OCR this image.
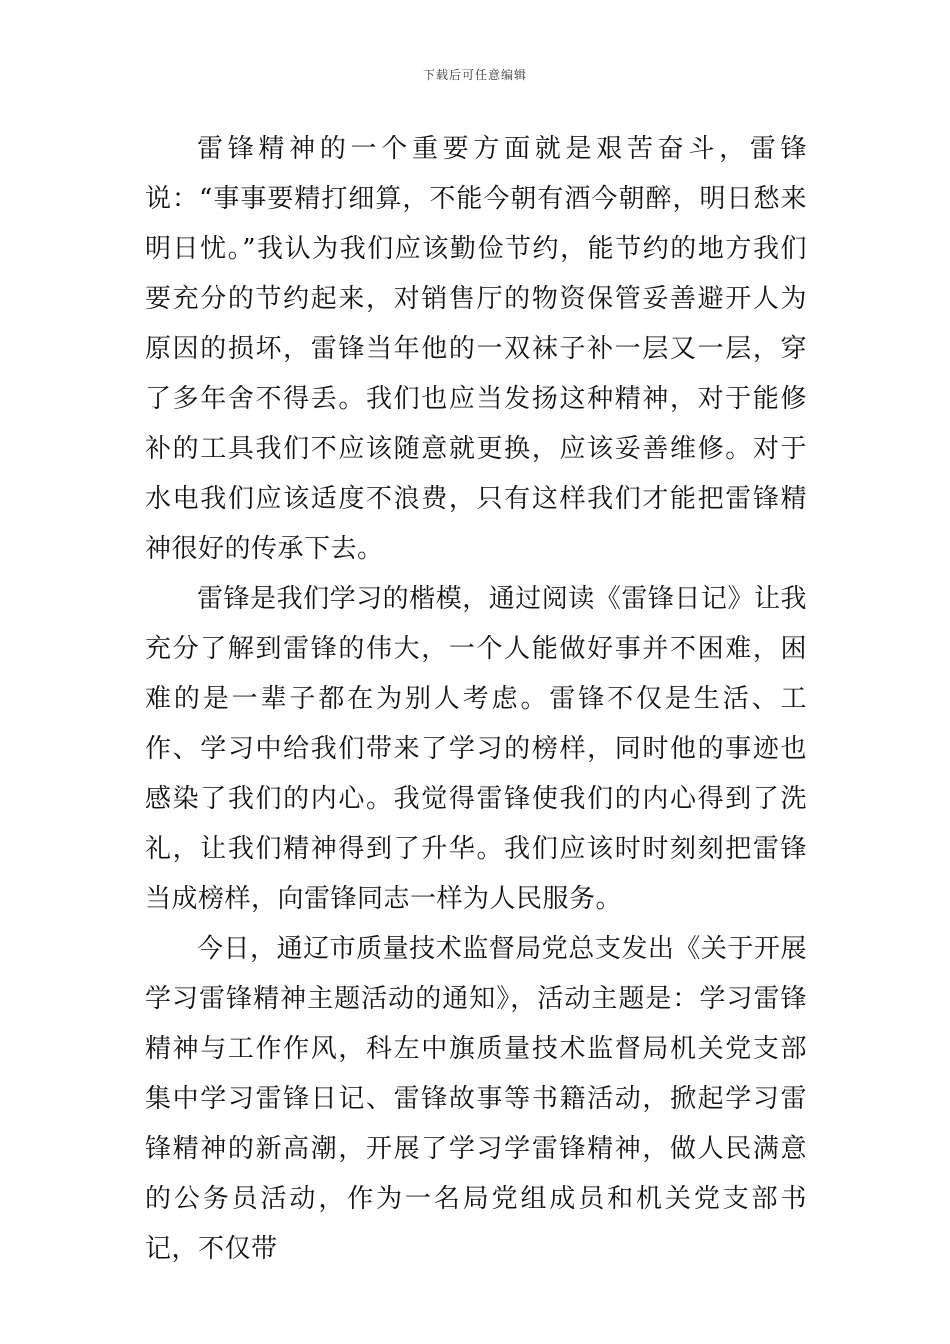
下载后可任意编辑

雷锋精神的一个重要方面就是艰苦奋斗，雷锋说：“事事要精打细算，不能今朝有酒今朝醉，明日愁来明日忧。”我认为我们应该勤俭节约，能节约的地方我们要充分的节约起来，对销售厅的物资保管妥善避开人为原因的损坏，雷锋当年他的一双袜子补一层又一层，穿了多年舍不得丢。我们也应当发扬这种精神，对于能修补的工具我们不应该随意就更换，应该妥善维修。对于水电我们应该适度不浪费，只有这样我们才能把雷锋精神很好的传承下去。

雷锋是我们学习的楷模，通过阅读《雷锋日记》让我充分了解到雷锋的伟大，一个人能做好事并不困难，困难的是一辈子都在为别人考虑。雷锋不仅是生活、工作、学习中给我们带来了学习的榜样，同时他的事迹也感染了我们的内心。我觉得雷锋使我们的内心得到了洗礼，让我们精神得到了升华。我们应该时时刻刻把雷锋当成榜样，向雷锋同志一样为人民服务。

今日，通辽市质量技术监督局党总支发出《关于开展学习雷锋精神主题活动的通知》，活动主题是：学习雷锋精神与工作作风，科左中旗质量技术监督局机关党支部集中学习雷锋日记、雷锋故事等书籍活动，掀起学习雷锋精神的新高潮，开展了学习学雷锋精神，做人民满意的公务员活动，作为一名局党组成员和机关党支部书记，不仅带
